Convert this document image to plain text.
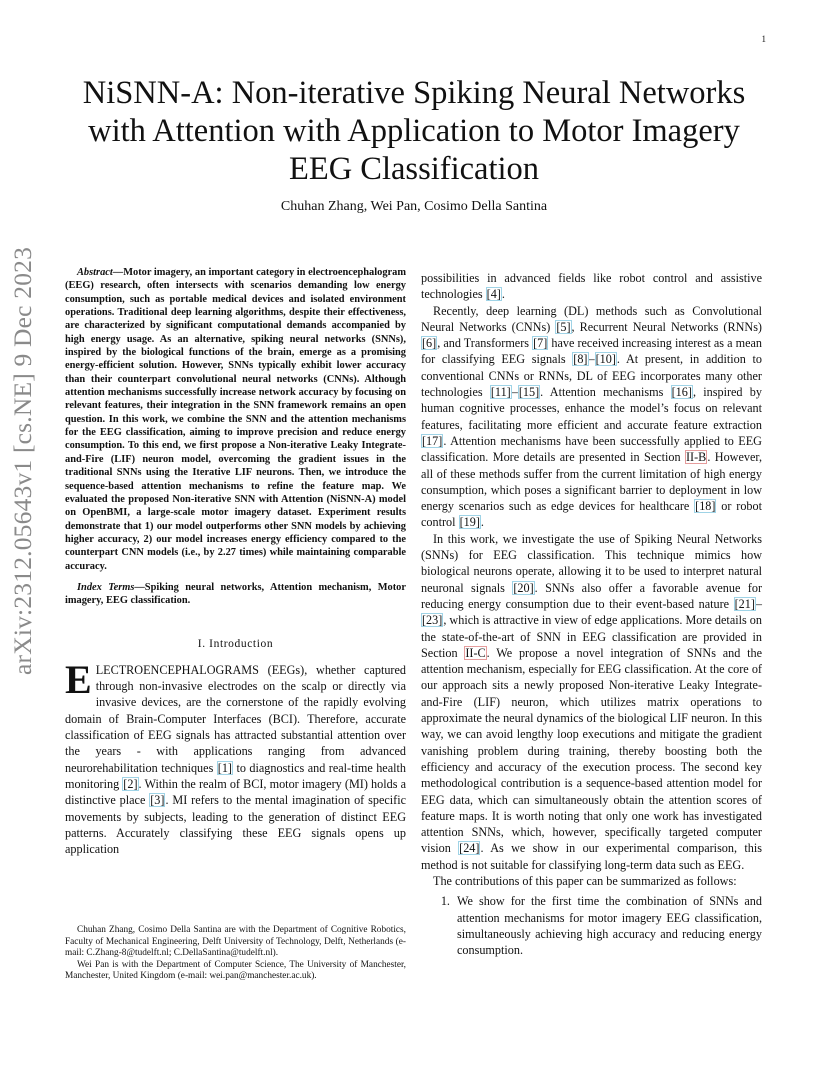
1
arXiv:2312.05643v1 [cs.NE] 9 Dec 2023
NiSNN-A: Non-iterative Spiking Neural Networks with Attention with Application to Motor Imagery EEG Classification
Chuhan Zhang, Wei Pan, Cosimo Della Santina

Abstract—Motor imagery, an important category in electroencephalogram (EEG) research, often intersects with scenarios demanding low energy consumption, such as portable medical devices and isolated environment operations. Traditional deep learning algorithms, despite their effectiveness, are characterized by significant computational demands accompanied by high energy usage. As an alternative, spiking neural networks (SNNs), inspired by the biological functions of the brain, emerge as a promising energy-efficient solution. However, SNNs typically exhibit lower accuracy than their counterpart convolutional neural networks (CNNs). Although attention mechanisms successfully increase network accuracy by focusing on relevant features, their integration in the SNN framework remains an open question. In this work, we combine the SNN and the attention mechanisms for the EEG classification, aiming to improve precision and reduce energy consumption. To this end, we first propose a Non-iterative Leaky Integrate-and-Fire (LIF) neuron model, overcoming the gradient issues in the traditional SNNs using the Iterative LIF neurons. Then, we introduce the sequence-based attention mechanisms to refine the feature map. We evaluated the proposed Non-iterative SNN with Attention (NiSNN-A) model on OpenBMI, a large-scale motor imagery dataset. Experiment results demonstrate that 1) our model outperforms other SNN models by achieving higher accuracy, 2) our model increases energy efficiency compared to the counterpart CNN models (i.e., by 2.27 times) while maintaining comparable accuracy.

Index Terms—Spiking neural networks, Attention mechanism, Motor imagery, EEG classification.

I. Introduction

ELECTROENCEPHALOGRAMS (EEGs), whether captured through non-invasive electrodes on the scalp or directly via invasive devices, are the cornerstone of the rapidly evolving domain of Brain-Computer Interfaces (BCI). Therefore, accurate classification of EEG signals has attracted substantial attention over the years - with applications ranging from advanced neurorehabilitation techniques [1] to diagnostics and real-time health monitoring [2]. Within the realm of BCI, motor imagery (MI) holds a distinctive place [3]. MI refers to the mental imagination of specific movements by subjects, leading to the generation of distinct EEG patterns. Accurately classifying these EEG signals opens up application

Chuhan Zhang, Cosimo Della Santina are with the Department of Cognitive Robotics, Faculty of Mechanical Engineering, Delft University of Technology, Delft, Netherlands (e-mail: C.Zhang-8@tudelft.nl; C.DellaSantina@tudelft.nl).

Wei Pan is with the Department of Computer Science, The University of Manchester, Manchester, United Kingdom (e-mail: wei.pan@manchester.ac.uk).

possibilities in advanced fields like robot control and assistive technologies [4].

Recently, deep learning (DL) methods such as Convolutional Neural Networks (CNNs) [5], Recurrent Neural Networks (RNNs) [6], and Transformers [7] have received increasing interest as a mean for classifying EEG signals [8]–[10]. At present, in addition to conventional CNNs or RNNs, DL of EEG incorporates many other technologies [11]–[15]. Attention mechanisms [16], inspired by human cognitive processes, enhance the model’s focus on relevant features, facilitating more efficient and accurate feature extraction [17]. Attention mechanisms have been successfully applied to EEG classification. More details are presented in Section II-B. However, all of these methods suffer from the current limitation of high energy consumption, which poses a significant barrier to deployment in low energy scenarios such as edge devices for healthcare [18] or robot control [19].

In this work, we investigate the use of Spiking Neural Networks (SNNs) for EEG classification. This technique mimics how biological neurons operate, allowing it to be used to interpret natural neuronal signals [20]. SNNs also offer a favorable avenue for reducing energy consumption due to their event-based nature [21]–[23], which is attractive in view of edge applications. More details on the state-of-the-art of SNN in EEG classification are provided in Section II-C. We propose a novel integration of SNNs and the attention mechanism, especially for EEG classification. At the core of our approach sits a newly proposed Non-iterative Leaky Integrate-and-Fire (LIF) neuron, which utilizes matrix operations to approximate the neural dynamics of the biological LIF neuron. In this way, we can avoid lengthy loop executions and mitigate the gradient vanishing problem during training, thereby boosting both the efficiency and accuracy of the execution process. The second key methodological contribution is a sequence-based attention model for EEG data, which can simultaneously obtain the attention scores of feature maps. It is worth noting that only one work has investigated attention SNNs, which, however, specifically targeted computer vision [24]. As we show in our experimental comparison, this method is not suitable for classifying long-term data such as EEG.

The contributions of this paper can be summarized as follows:

1. We show for the first time the combination of SNNs and attention mechanisms for motor imagery EEG classification, simultaneously achieving high accuracy and reducing energy consumption.
